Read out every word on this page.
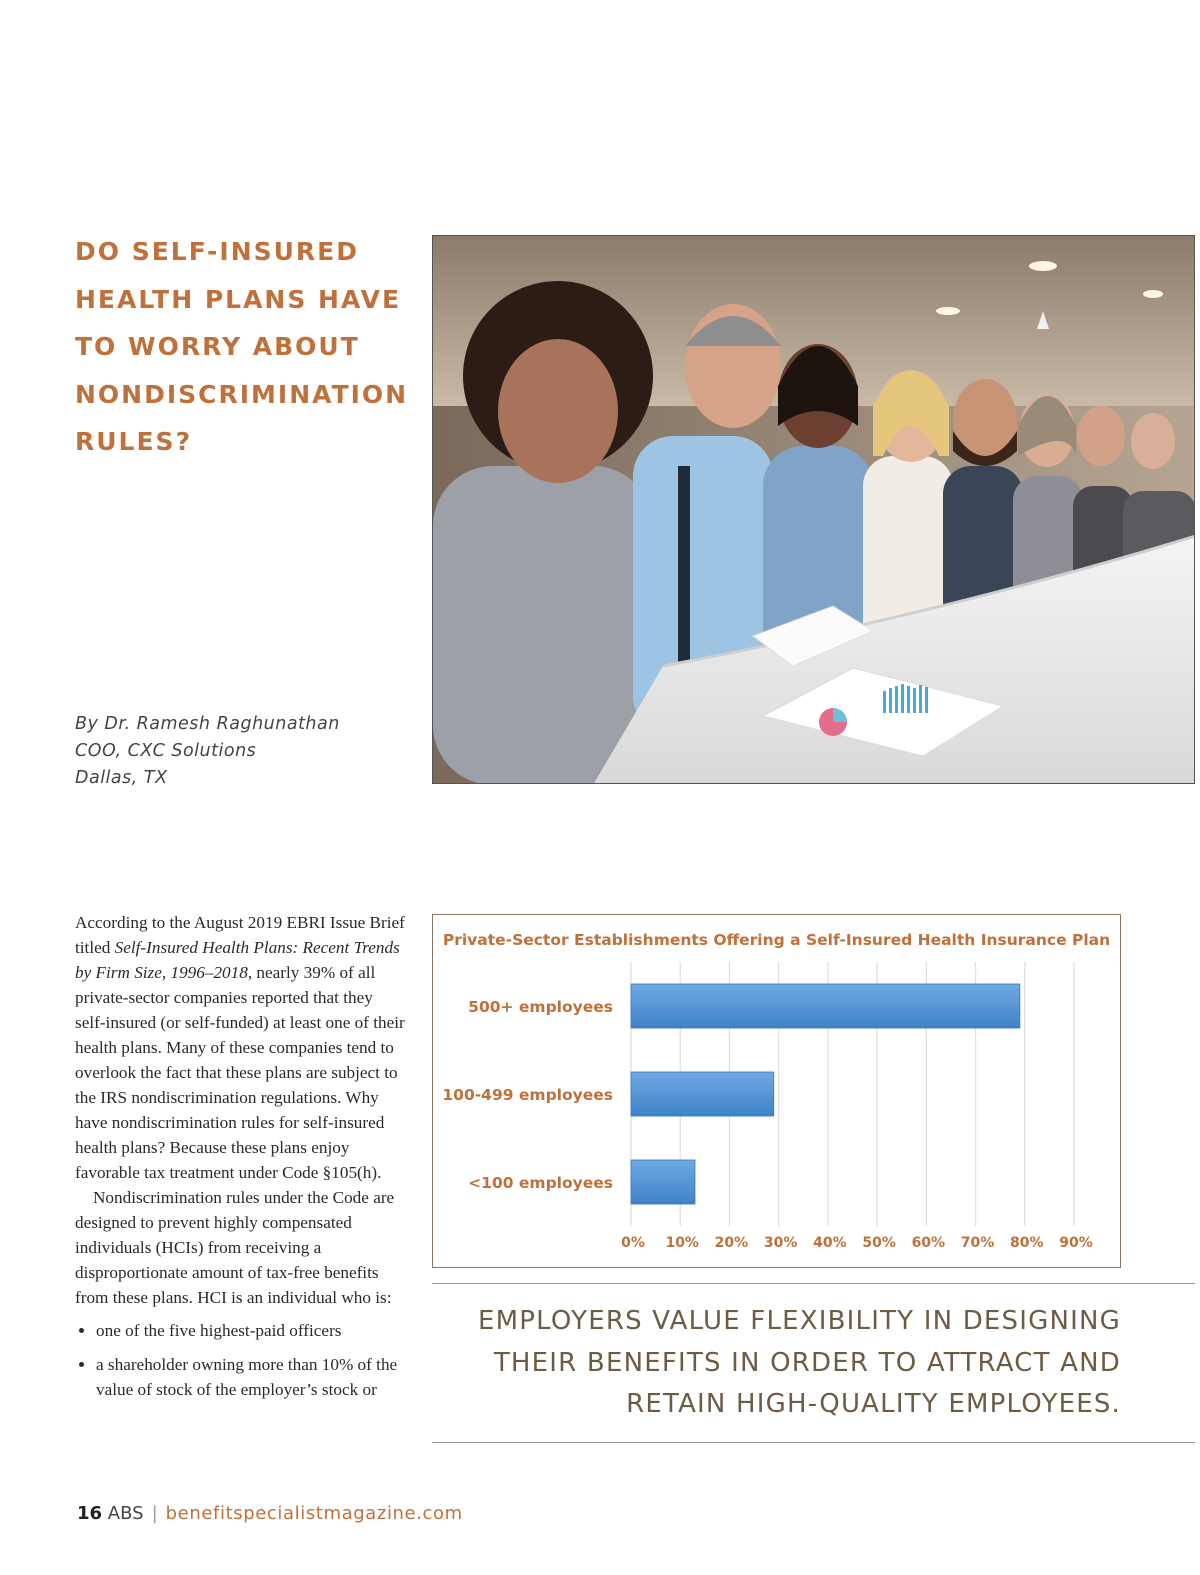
DO SELF-INSURED
HEALTH PLANS HAVE
TO WORRY ABOUT
NONDISCRIMINATION
RULES?
By Dr. Ramesh Raghunathan
COO, CXC Solutions
Dallas, TX

According to the August 2019 EBRI Issue Brief titled Self-Insured Health Plans: Recent Trends by Firm Size, 1996–2018, nearly 39% of all private-sector companies reported that they self-insured (or self-funded) at least one of their health plans. Many of these companies tend to overlook the fact that these plans are subject to the IRS nondiscrimination regulations. Why have nondiscrimination rules for self-insured health plans? Because these plans enjoy favorable tax treatment under Code §105(h).

Nondiscrimination rules under the Code are designed to prevent highly compensated individuals (HCIs) from receiving a disproportionate amount of tax-free benefits from these plans. HCI is an individual who is:

• one of the five highest-paid officers
• a shareholder owning more than 10% of the value of stock of the employer’s stock or
Private-Sector Establishments Offering a Self-Insured Health Insurance Plan
0% 10% 20% 30% 40% 50% 60% 70% 80% 90%
500+ employees
100-499 employees
<100 employees
EMPLOYERS VALUE FLEXIBILITY IN DESIGNING
THEIR BENEFITS IN ORDER TO ATTRACT AND
RETAIN HIGH-QUALITY EMPLOYEES.
16 ABS | benefitspecialistmagazine.com
